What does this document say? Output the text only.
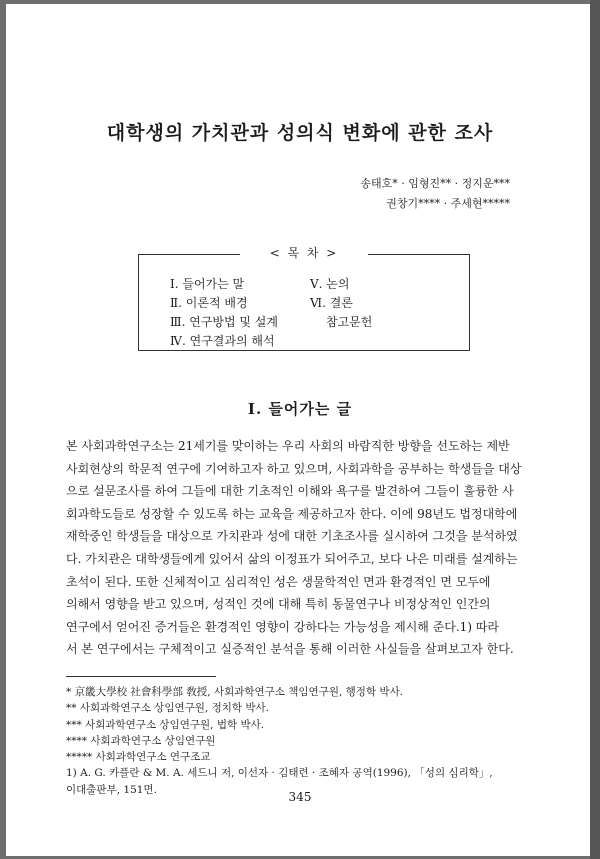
대학생의 가치관과 성의식 변화에 관한 조사
송태호* · 임형진** · 정지운***
권창기**** · 주세현*****
< 목 차 >
Ⅰ. 들어가는 말
Ⅱ. 이론적 배경
Ⅲ. 연구방법 및 설계
Ⅳ. 연구결과의 해석
Ⅴ. 논의
Ⅵ. 결론
참고문헌
Ⅰ. 들어가는 글
본 사회과학연구소는 21세기를 맞이하는 우리 사회의 바람직한 방향을 선도하는 제반
사회현상의 학문적 연구에 기여하고자 하고 있으며, 사회과학을 공부하는 학생들을 대상
으로 설문조사를 하여 그들에 대한 기초적인 이해와 욕구를 발견하여 그들이 훌륭한 사
회과학도들로 성장할 수 있도록 하는 교육을 제공하고자 한다. 이에 98년도 법정대학에
재학중인 학생들을 대상으로 가치관과 성에 대한 기초조사를 실시하여 그것을 분석하였
다. 가치관은 대학생들에게 있어서 삶의 이정표가 되어주고, 보다 나은 미래를 설계하는
초석이 된다. 또한 신체적이고 심리적인 성은 생물학적인 면과 환경적인 면 모두에
의해서 영향을 받고 있으며, 성적인 것에 대해 특히 동물연구나 비정상적인 인간의
연구에서 얻어진 증거들은 환경적인 영향이 강하다는 가능성을 제시해 준다.1) 따라
서 본 연구에서는 구체적이고 실증적인 분석을 통해 이러한 사실들을 살펴보고자 한다.
* 京畿大學校 社會科學部 敎授, 사회과학연구소 책임연구원, 행정학 박사.
** 사회과학연구소 상임연구원, 정치학 박사.
*** 사회과학연구소 상임연구원, 법학 박사.
**** 사회과학연구소 상임연구원
***** 사회과학연구소 연구조교
1) A. G. 카플란 & M. A. 세드니 저, 이선자 · 김태련 · 조혜자 공역(1996), 「성의 심리학」,
이대출판부, 151면.
345
